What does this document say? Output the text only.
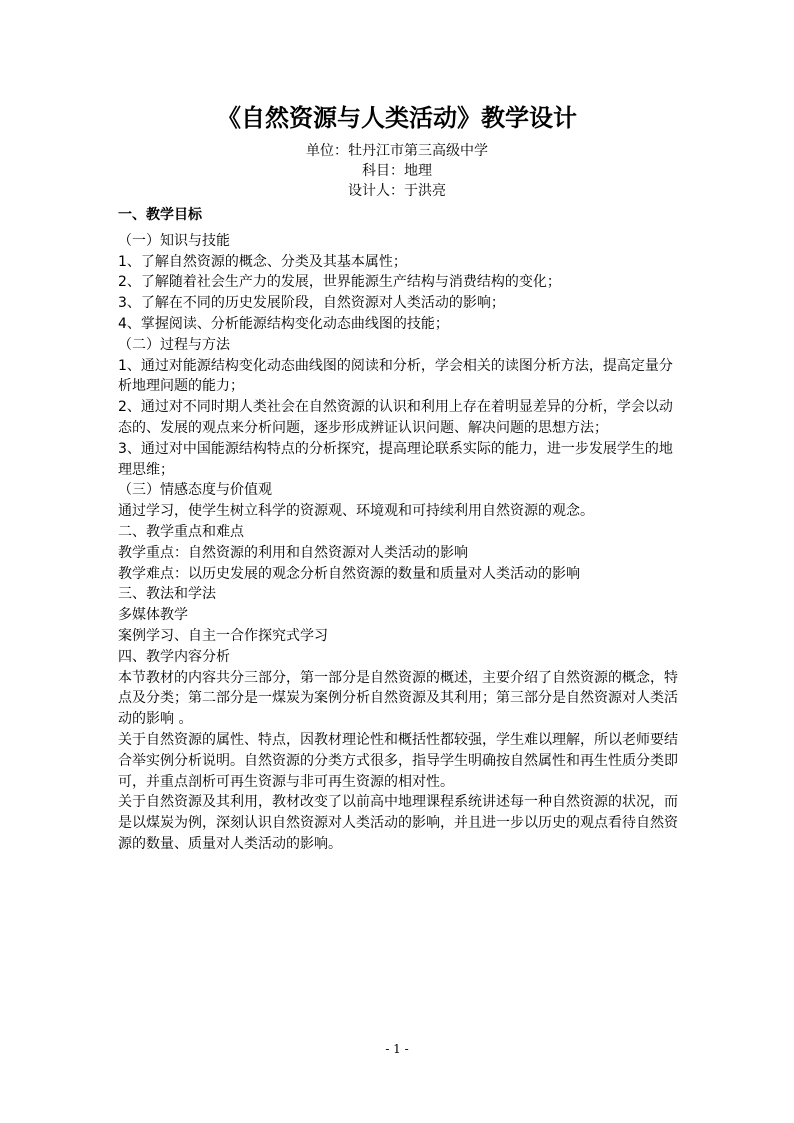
《自然资源与人类活动》教学设计
单位：牡丹江市第三高级中学
科目：地理
设计人：于洪亮

一、教学目标

（一）知识与技能

1、了解自然资源的概念、分类及其基本属性；

2、了解随着社会生产力的发展，世界能源生产结构与消费结构的变化；

3、了解在不同的历史发展阶段，自然资源对人类活动的影响；

4、掌握阅读、分析能源结构变化动态曲线图的技能；

（二）过程与方法

1、通过对能源结构变化动态曲线图的阅读和分析，学会相关的读图分析方法，提高定量分析地理问题的能力；

2、通过对不同时期人类社会在自然资源的认识和利用上存在着明显差异的分析，学会以动态的、发展的观点来分析问题，逐步形成辨证认识问题、解决问题的思想方法；

3、通过对中国能源结构特点的分析探究，提高理论联系实际的能力，进一步发展学生的地理思维；

（三）情感态度与价值观

通过学习，使学生树立科学的资源观、环境观和可持续利用自然资源的观念。

二、教学重点和难点

教学重点：自然资源的利用和自然资源对人类活动的影响

教学难点：以历史发展的观念分析自然资源的数量和质量对人类活动的影响

三、教法和学法

多媒体教学

案例学习、自主一合作探究式学习

四、教学内容分析

本节教材的内容共分三部分，第一部分是自然资源的概述，主要介绍了自然资源的概念，特点及分类；第二部分是一煤炭为案例分析自然资源及其利用；第三部分是自然资源对人类活动的影响 。

关于自然资源的属性、特点，因教材理论性和概括性都较强，学生难以理解，所以老师要结合举实例分析说明。自然资源的分类方式很多，指导学生明确按自然属性和再生性质分类即可，并重点剖析可再生资源与非可再生资源的相对性。

关于自然资源及其利用，教材改变了以前高中地理课程系统讲述每一种自然资源的状况，而是以煤炭为例，深刻认识自然资源对人类活动的影响，并且进一步以历史的观点看待自然资源的数量、质量对人类活动的影响。

- 1 -
